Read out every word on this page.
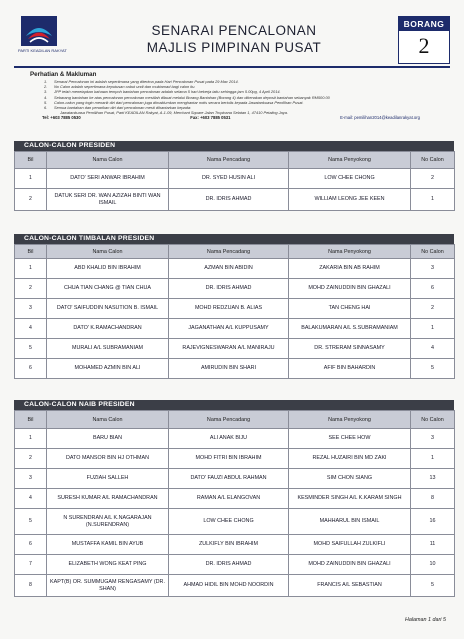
PARTI KEADILAN RAKYAT
SENARAI PENCALONAN
MAJLIS PIMPINAN PUSAT
BORANG
2
Perhatian & Makluman
1.	Senarai Pencalonan ini adalah sepertimana yang diterima pada Hari Pencalonan Pusat pada 29 Mac 2014.
2.	No Calon adalah sepertimana keputusan cabut undi dan muktamad bagi calon itu.
3.	JPP telah menetapkan bahawa tempoh bantahan pencalonan adalah selama 5 hari bekerja iaitu sehingga jam 5.00pg, 4 April 2014.
4.	Sebarang bantahan ke atas pencalonan pencalonan mestilah dibuat melalui Borang Bantahan (Borang 4) dan dikenakan deposit bantahan sebanyak RM500.00
5.	Calon-calon yang ingin menarik diri dari pencalonan juga dimaklumkan menghantar notis secara bertulis kepada Jawatankuasa Pemilihan Pusat.
6.	Semua bantahan dan penarikan diri dari pencalonan mesti dihantarkan kepada:
Jawatankuasa Pemilihan Pusat, Parti KEADILAN Rakyat, A-1-09, Merchant Square Jalan Tropicana Selatan 1, 47410 Petaling Jaya.
Tel: +603 7885 0530	Fax: +603 7885 0531	E-mail: pemilihan2014@keadilanrakyat.org
CALON-CALON PRESIDEN
Bil	Nama Calon	Nama Pencadang	Nama Penyokong	No Calon
1	DATO' SERI ANWAR IBRAHIM	DR. SYED HUSIN ALI	LOW CHEE CHONG	2
2	DATUK SERI DR. WAN AZIZAH BINTI WAN ISMAIL	DR. IDRIS AHMAD	WILLIAM LEONG JEE KEEN	1
CALON-CALON TIMBALAN PRESIDEN
Bil	Nama Calon	Nama Pencadang	Nama Penyokong	No Calon
1	ABD KHALID BIN IBRAHIM	AZMAN BIN ABIDIN	ZAKARIA BIN AB RAHIM	3
2	CHUA TIAN CHANG @ TIAN CHUA	DR. IDRIS AHMAD	MOHD ZAINUDDIN BIN GHAZALI	6
3	DATO' SAIFUDDIN NASUTION B. ISMAIL	MOHD REDZUAN B. ALIAS	TAN CHENG HAI	2
4	DATO' K.RAMACHANDRAN	JAGANATHAN A/L KUPPUSAMY	BALAKUMARAN A/L S.SUBRAMANIAM	1
5	MURALI A/L SUBRAMANIAM	RAJEVIGNESWARAN A/L MANIRAJU	DR. STRERAM SINNASAMY	4
6	MOHAMED AZMIN BIN ALI	AMIRUDIN BIN SHARI	AFIF BIN BAHARDIN	5
CALON-CALON NAIB PRESIDEN
Bil	Nama Calon	Nama Pencadang	Nama Penyokong	No Calon
1	BARU BIAN	ALI ANAK BIJU	SEE CHEE HOW	3
2	DATO MANSOR BIN HJ OTHMAN	MOHD FITRI BIN IBRAHIM	REZAL HUZAIRI BIN MD ZAKI	1
3	FUZIAH SALLEH	DATO' FAUZI ABDUL RAHMAN	SIM CHON SIANG	13
4	SURESH KUMAR A/L RAMACHANDRAN	RAMAN A/L ELANGOVAN	KESMINDER SINGH A/L K.KARAM SINGH	8
5	N SURENDRAN A/L K.NAGARAJAN (N.SURENDRAN)	LOW CHEE CHONG	MAHHARUL BIN ISMAIL	16
6	MUSTAFFA KAMIL BIN AYUB	ZULKIFLY BIN IBRAHIM	MOHD SAIFULLAH ZULKIFLI	11
7	ELIZABETH WONG KEAT PING	DR. IDRIS AHMAD	MOHD ZAINUDDIN BIN GHAZALI	10
8	KAPT(B) OR. SUMMUGAM RENGASAMY (DR. SHAN)	AHMAD HIDIL BIN MOHD NOORDIN	FRANCIS A/L SEBASTIAN	5
Halaman 1 dari 5
